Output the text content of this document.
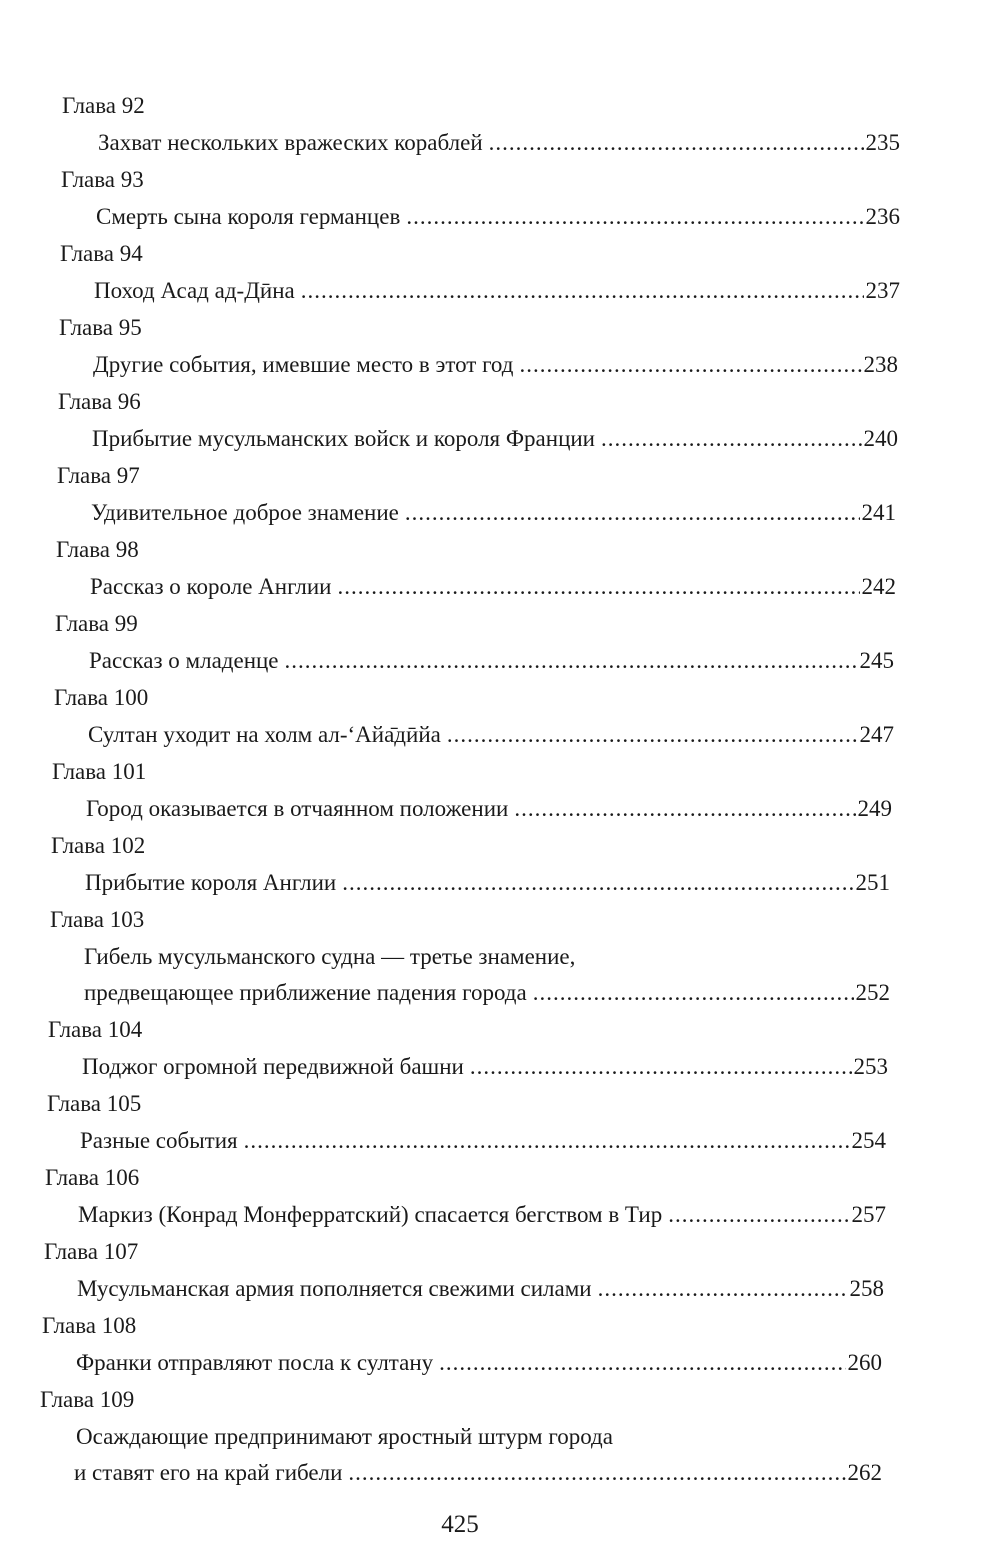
Глава 92
Захват нескольких вражеских кораблей .....	235
Глава 93
Смерть сына короля германцев .....	236
Глава 94
Поход Асад ад-Дӣна .....	237
Глава 95
Другие события, имевшие место в этот год .....	238
Глава 96
Прибытие мусульманских войск и короля Франции .....	240
Глава 97
Удивительное доброе знамение .....	241
Глава 98
Рассказ о короле Англии .....	242
Глава 99
Рассказ о младенце .....	245
Глава 100
Султан уходит на холм ал-‘Айа̄дӣйа .....	247
Глава 101
Город оказывается в отчаянном положении .....	249
Глава 102
Прибытие короля Англии .....	251
Глава 103
Гибель мусульманского судна — третье знамение,
предвещающее приближение падения города .....	252
Глава 104
Поджог огромной передвижной башни .....	253
Глава 105
Разные события .....	254
Глава 106
Маркиз (Конрад Монферратский) спасается бегством в Тир .....	257
Глава 107
Мусульманская армия пополняется свежими силами .....	258
Глава 108
Франки отправляют посла к султану .....	260
Глава 109
Осаждающие предпринимают яростный штурм города
и ставят его на край гибели .....	262
425
